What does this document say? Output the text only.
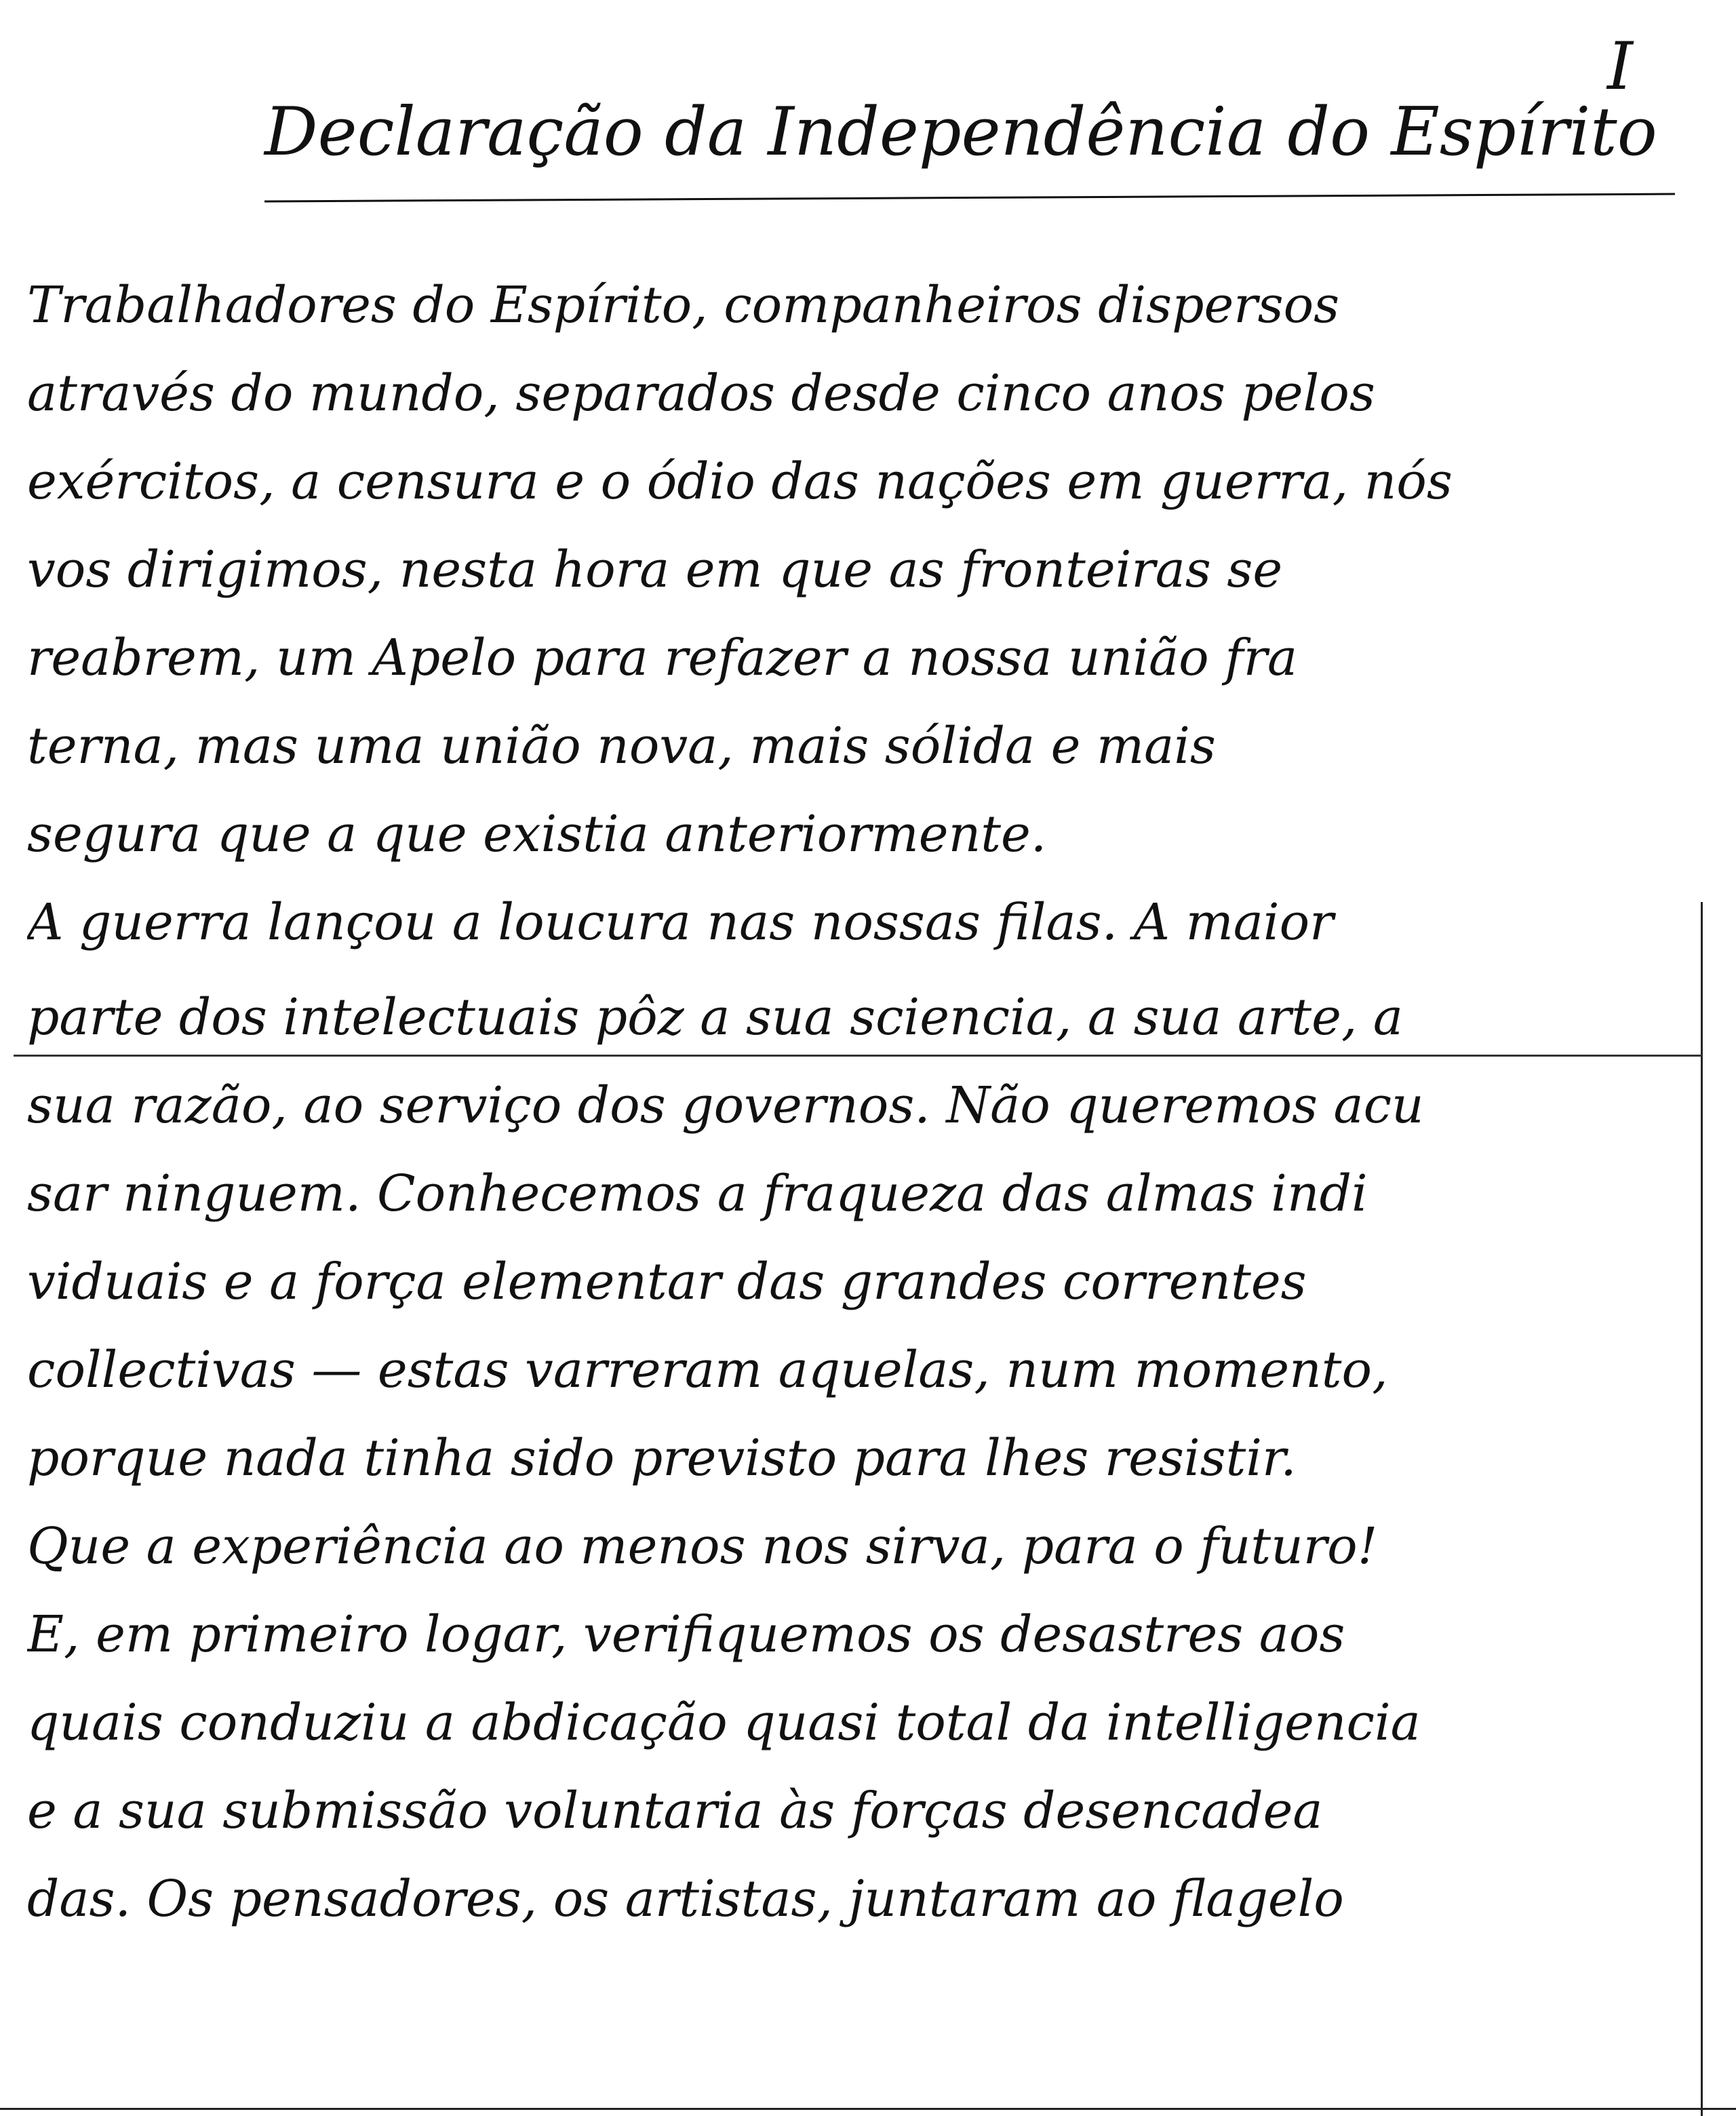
I
Declaração da Independência do Espírito
Trabalhadores do Espírito, companheiros dispersos
através do mundo, separados desde cinco anos pelos
exércitos, a censura e o ódio das nações em guerra, nós
vos dirigimos, nesta hora em que as fronteiras se
reabrem, um Apelo para refazer a nossa união fra
terna, mas uma união nova, mais sólida e mais
segura que a que existia anteriormente.
A guerra lançou a loucura nas nossas filas. A maior
parte dos intelectuais pôz a sua sciencia, a sua arte, a
sua razão, ao serviço dos governos. Não queremos acu
sar ninguem. Conhecemos a fraqueza das almas indi
viduais e a força elementar das grandes correntes
collectivas — estas varreram aquelas, num momento,
porque nada tinha sido previsto para lhes resistir.
Que a experiência ao menos nos sirva, para o futuro!
E, em primeiro logar, verifiquemos os desastres aos
quais conduziu a abdicação quasi total da intelligencia
e a sua submissão voluntaria às forças desencadea
das. Os pensadores, os artistas, juntaram ao flagelo
